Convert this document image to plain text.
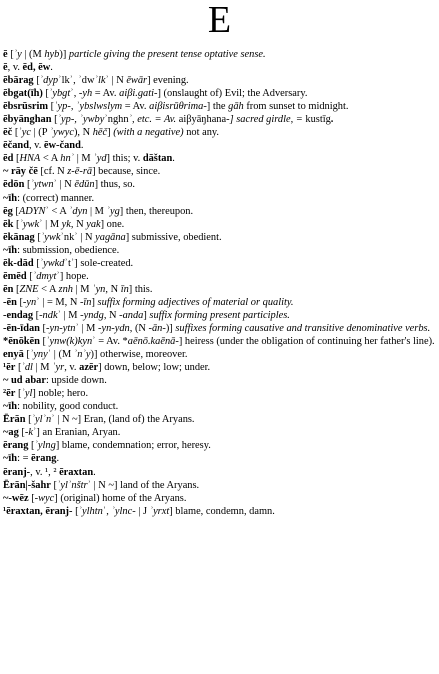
E

ē [ʾy | (M hyb)] particle giving the present tense optative sense.

ē, v. ēd, ēw.

ēbārag [ʾdypʾlkʾ, ʾdwʾlkʾ | N ēwār] evening.

ēbgat(īh) [ʾybgtʾ, -yh = Av. aiβi.gati-] (onslaught of) Evil; the Adversary.

ēbsrūsrim [ʾyp-, ʾybslwslym = Av. aiβisrūθrima-] the gāh from sunset to midnight.

ēbyānghan [ʾyp-, ʾywbyʾnghnʾ, etc. = Av. aiβyāŋhana-] sacred girdle, = kustīg.

ēč [ʾyc | (P ʾywyc), N hēč] (with a negative) not any.

ēčand, v. ēw-čand.

ēd [HNA < A hnʾ | M ʾyd] this; v. dāštan.

~ rāy čē [cf. N z-ē-rā] because, since.

ēdōn [ʾytwnʾ | N ēdūn] thus, so.

~īh: (correct) manner.

ēg [ADYNʾ < A ʾdyn | M ʾyg] then, thereupon.

ēk [ʾywkʾ | M yk, N yak] one.

ēkānag [ʾywkʾnkʾ | N yagāna] submissive, obedient.

~īh: submission, obedience.

ēk-dād [ʾywkdʾtʾ] sole-created.

ēmēd [ʾdmytʾ] hope.

ēn [ZNE < A znh | M ʾyn, N īn] this.

-ēn [-ynʾ | = M, N -īn] suffix forming adjectives of material or quality.

-endag [-ndkʾ | M -yndg, N -anda] suffix forming present participles.

-ēn-īdan [-yn-ytnʾ | M -yn-ydn, (N -ān-)] suffixes forming causative and transitive denominative verbs.

*ēnōkēn [ʾynw(k)kynʾ = Av. *aēnō.kaēnā-] heiress (under the obligation of continuing her father's line).

enyā [ʾynyʾ | (M ʾnʾy)] otherwise, moreover.

¹ēr [ʾdl | M ʾyr, v. azēr] down, below; low; under.

~ ud abar: upside down.

²ēr [ʾyl] noble; hero.

~īh: nobility, good conduct.

Ērān [ʾylʾnʾ | N ~] Eran, (land of) the Aryans.

~ag [-kʾ] an Eranian, Aryan.

ērang [ʾylng] blame, condemnation; error, heresy.

~īh: = ērang.

ēranj-, v. ¹, ² ēraxtan.

Ērān|-šahr [ʾylʾnštrʾ | N ~] land of the Aryans.

~-wēz [-wyc] (original) home of the Aryans.

¹ēraxtan, ēranj- [ʾylhtnʾ, ʾylnc- | J ʾyrxt] blame, condemn, damn.
